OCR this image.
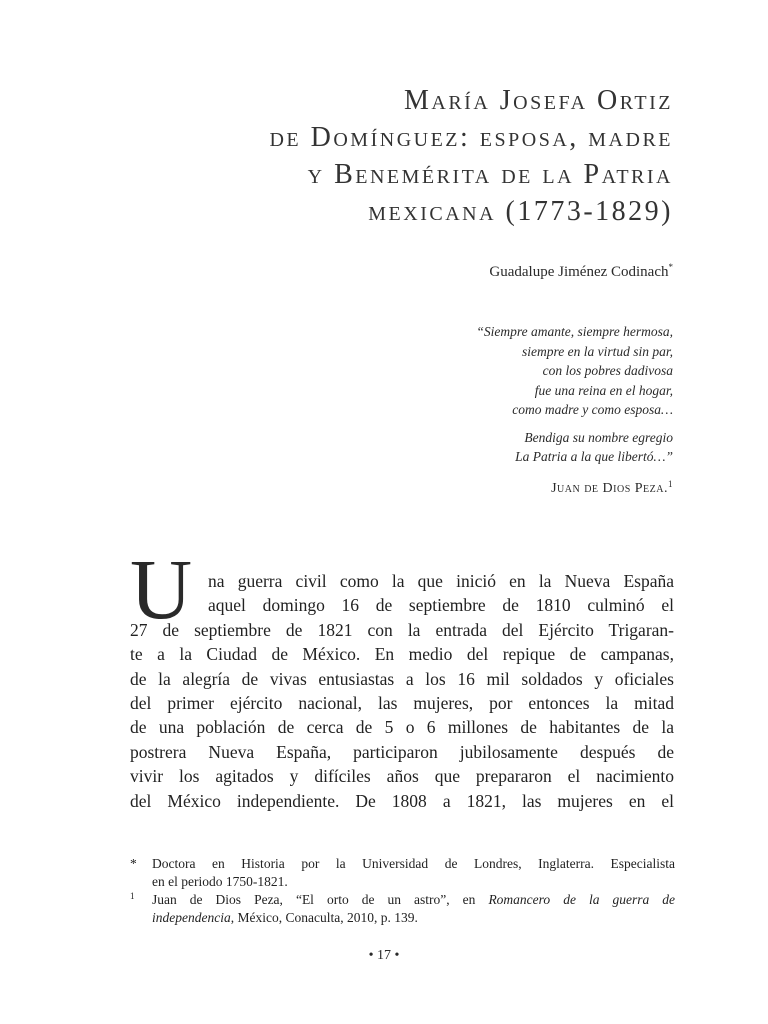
María Josefa Ortiz
de Domínguez: esposa, madre
y Benemérita de la Patria
mexicana (1773-1829)
Guadalupe Jiménez Codinach*
“Siempre amante, siempre hermosa,
siempre en la virtud sin par,
con los pobres dadivosa
fue una reina en el hogar,
como madre y como esposa…
Bendiga su nombre egregio
La Patria a la que libertó…”
Juan de Dios Peza.$^1$
U na guerra civil como la que inició en la Nueva España
aquel domingo 16 de septiembre de 1810 culminó el
27 de septiembre de 1821 con la entrada del Ejército Trigaran-
te a la Ciudad de México. En medio del repique de campanas,
de la alegría de vivas entusiastas a los 16 mil soldados y oficiales
del primer ejército nacional, las mujeres, por entonces la mitad
de una población de cerca de 5 o 6 millones de habitantes de la
postrera Nueva España, participaron jubilosamente después de
vivir los agitados y difíciles años que prepararon el nacimiento
del México independiente. De 1808 a 1821, las mujeres en el
* Doctora en Historia por la Universidad de Londres, Inglaterra. Especialista
en el periodo 1750-1821.
1 Juan de Dios Peza, “El orto de un astro”, en Romancero de la guerra de
independencia, México, Conaculta, 2010, p. 139.
• 17 •
